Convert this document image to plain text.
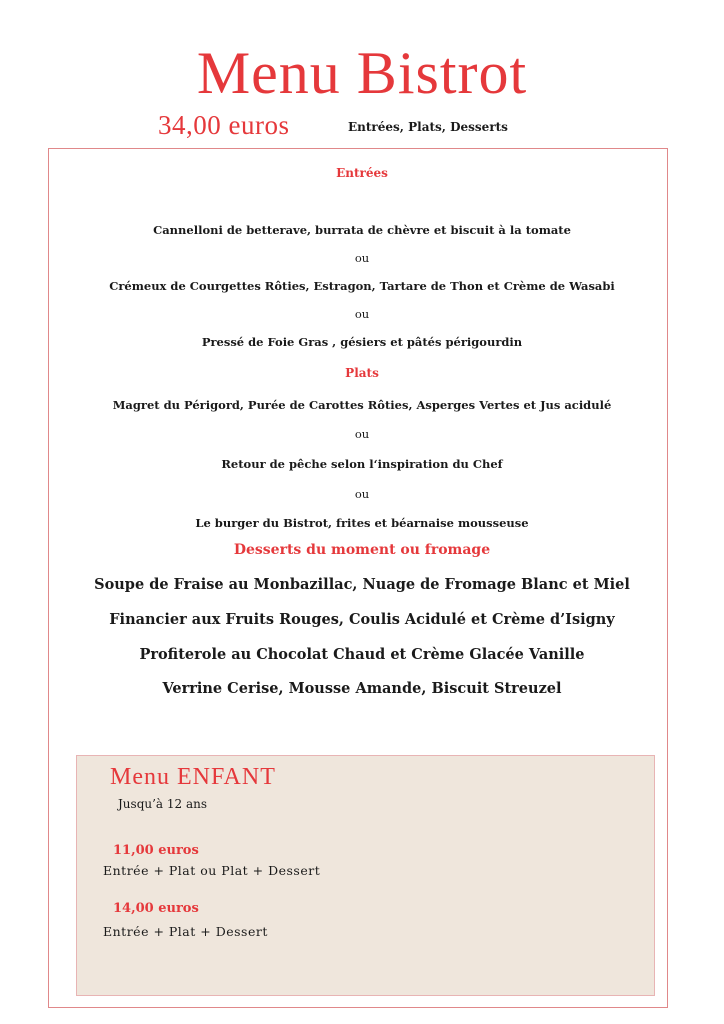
Menu Bistrot
34,00 euros	Entrées, Plats, Desserts
Entrées
Cannelloni de betterave, burrata de chèvre et biscuit à la tomate
ou
Crémeux de Courgettes Rôties, Estragon, Tartare de Thon et Crème de Wasabi
ou
Pressé de Foie Gras , gésiers et pâtés périgourdin
Plats
Magret du Périgord, Purée de Carottes Rôties, Asperges Vertes et Jus acidulé
ou
Retour de pêche selon l‘inspiration du Chef
ou
Le burger du Bistrot, frites et béarnaise mousseuse
Desserts du moment ou fromage
Soupe de Fraise au Monbazillac, Nuage de Fromage Blanc et Miel
Financier aux Fruits Rouges, Coulis Acidulé et Crème d’Isigny
Profiterole au Chocolat Chaud et Crème Glacée Vanille
Verrine Cerise, Mousse Amande, Biscuit Streuzel
Menu ENFANT
Jusqu’à 12 ans
11,00 euros
Entrée + Plat ou Plat + Dessert
14,00 euros
Entrée + Plat + Dessert
